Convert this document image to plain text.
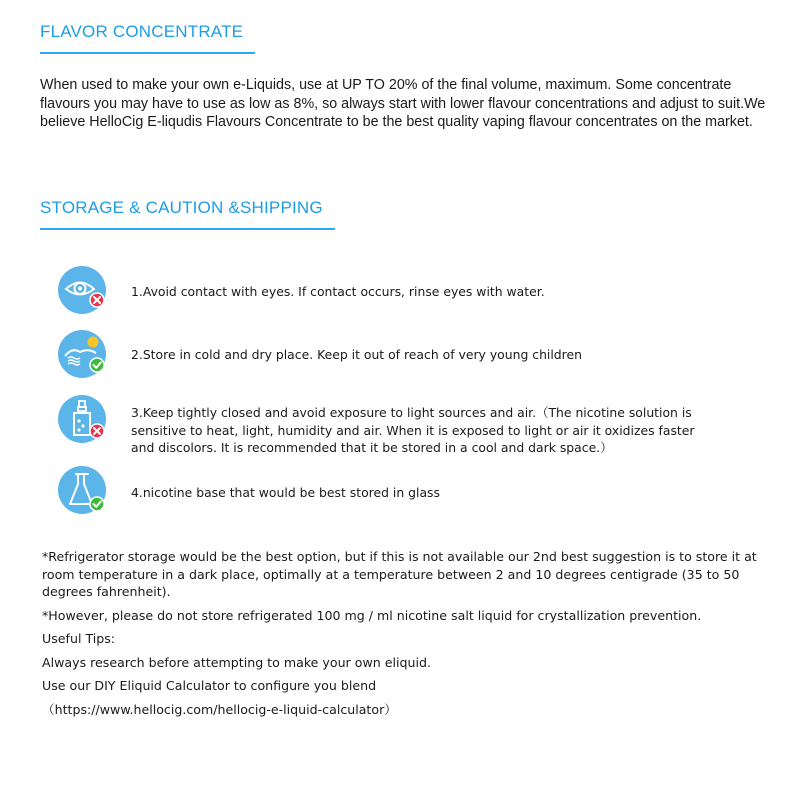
FLAVOR CONCENTRATE

When used to make your own e-Liquids, use at UP TO 20% of the final volume, maximum. Some concentrate flavours you may have to use as low as 8%, so always start with lower flavour concentrations and adjust to suit.We believe HelloCig E-liqudis Flavours Concentrate to be the best quality vaping flavour concentrates on the market.

STORAGE & CAUTION &SHIPPING
1.Avoid contact with eyes. If contact occurs, rinse eyes with water.
2.Store in cold and dry place. Keep it out of reach of very young children
3.Keep tightly closed and avoid exposure to light sources and air.（The nicotine solution is sensitive to heat, light, humidity and air. When it is exposed to light or air it oxidizes faster and discolors. It is recommended that it be stored in a cool and dark space.）
4.nicotine base that would be best stored in glass

*Refrigerator storage would be the best option, but if this is not available our 2nd best suggestion is to store it at room temperature in a dark place, optimally at a temperature between 2 and 10 degrees centigrade (35 to 50 degrees fahrenheit).

*However, please do not store refrigerated 100 mg / ml nicotine salt liquid for crystallization prevention.

Useful Tips:

Always research before attempting to make your own eliquid.

Use our DIY Eliquid Calculator to configure you blend

（https://www.hellocig.com/hellocig-e-liquid-calculator）
